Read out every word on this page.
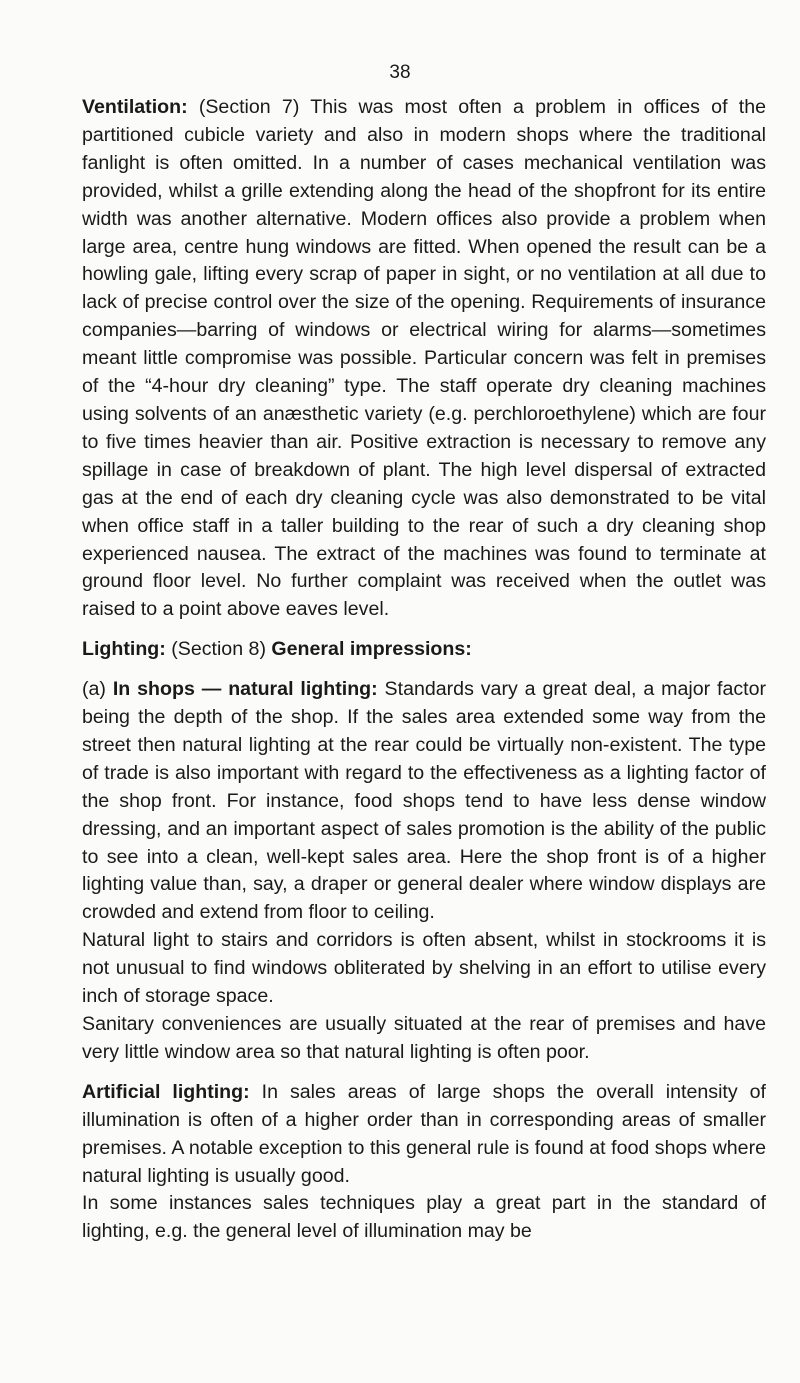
38

Ventilation: (Section 7) This was most often a problem in offices of the partitioned cubicle variety and also in modern shops where the traditional fanlight is often omitted. In a number of cases mechanical ventilation was provided, whilst a grille extending along the head of the shopfront for its entire width was another alternative. Modern offices also provide a problem when large area, centre hung windows are fitted. When opened the result can be a howling gale, lifting every scrap of paper in sight, or no ventilation at all due to lack of precise control over the size of the opening. Requirements of insurance companies—barring of windows or electrical wiring for alarms—sometimes meant little compromise was possible. Particular concern was felt in premises of the “4-hour dry cleaning” type. The staff operate dry cleaning machines using solvents of an anæsthetic variety (e.g. perchloroethylene) which are four to five times heavier than air. Positive extraction is necessary to remove any spillage in case of breakdown of plant. The high level dispersal of extracted gas at the end of each dry cleaning cycle was also demonstrated to be vital when office staff in a taller building to the rear of such a dry cleaning shop experienced nausea. The extract of the machines was found to terminate at ground floor level. No further complaint was received when the outlet was raised to a point above eaves level.

Lighting: (Section 8) General impressions:

(a) In shops — natural lighting: Standards vary a great deal, a major factor being the depth of the shop. If the sales area extended some way from the street then natural lighting at the rear could be virtually non-existent. The type of trade is also important with regard to the effectiveness as a lighting factor of the shop front. For instance, food shops tend to have less dense window dressing, and an important aspect of sales promotion is the ability of the public to see into a clean, well-kept sales area. Here the shop front is of a higher lighting value than, say, a draper or general dealer where window displays are crowded and extend from floor to ceiling.

Natural light to stairs and corridors is often absent, whilst in stockrooms it is not unusual to find windows obliterated by shelving in an effort to utilise every inch of storage space.

Sanitary conveniences are usually situated at the rear of premises and have very little window area so that natural lighting is often poor.

Artificial lighting: In sales areas of large shops the overall intensity of illumination is often of a higher order than in corresponding areas of smaller premises. A notable exception to this general rule is found at food shops where natural lighting is usually good.

In some instances sales techniques play a great part in the standard of lighting, e.g. the general level of illumination may be
